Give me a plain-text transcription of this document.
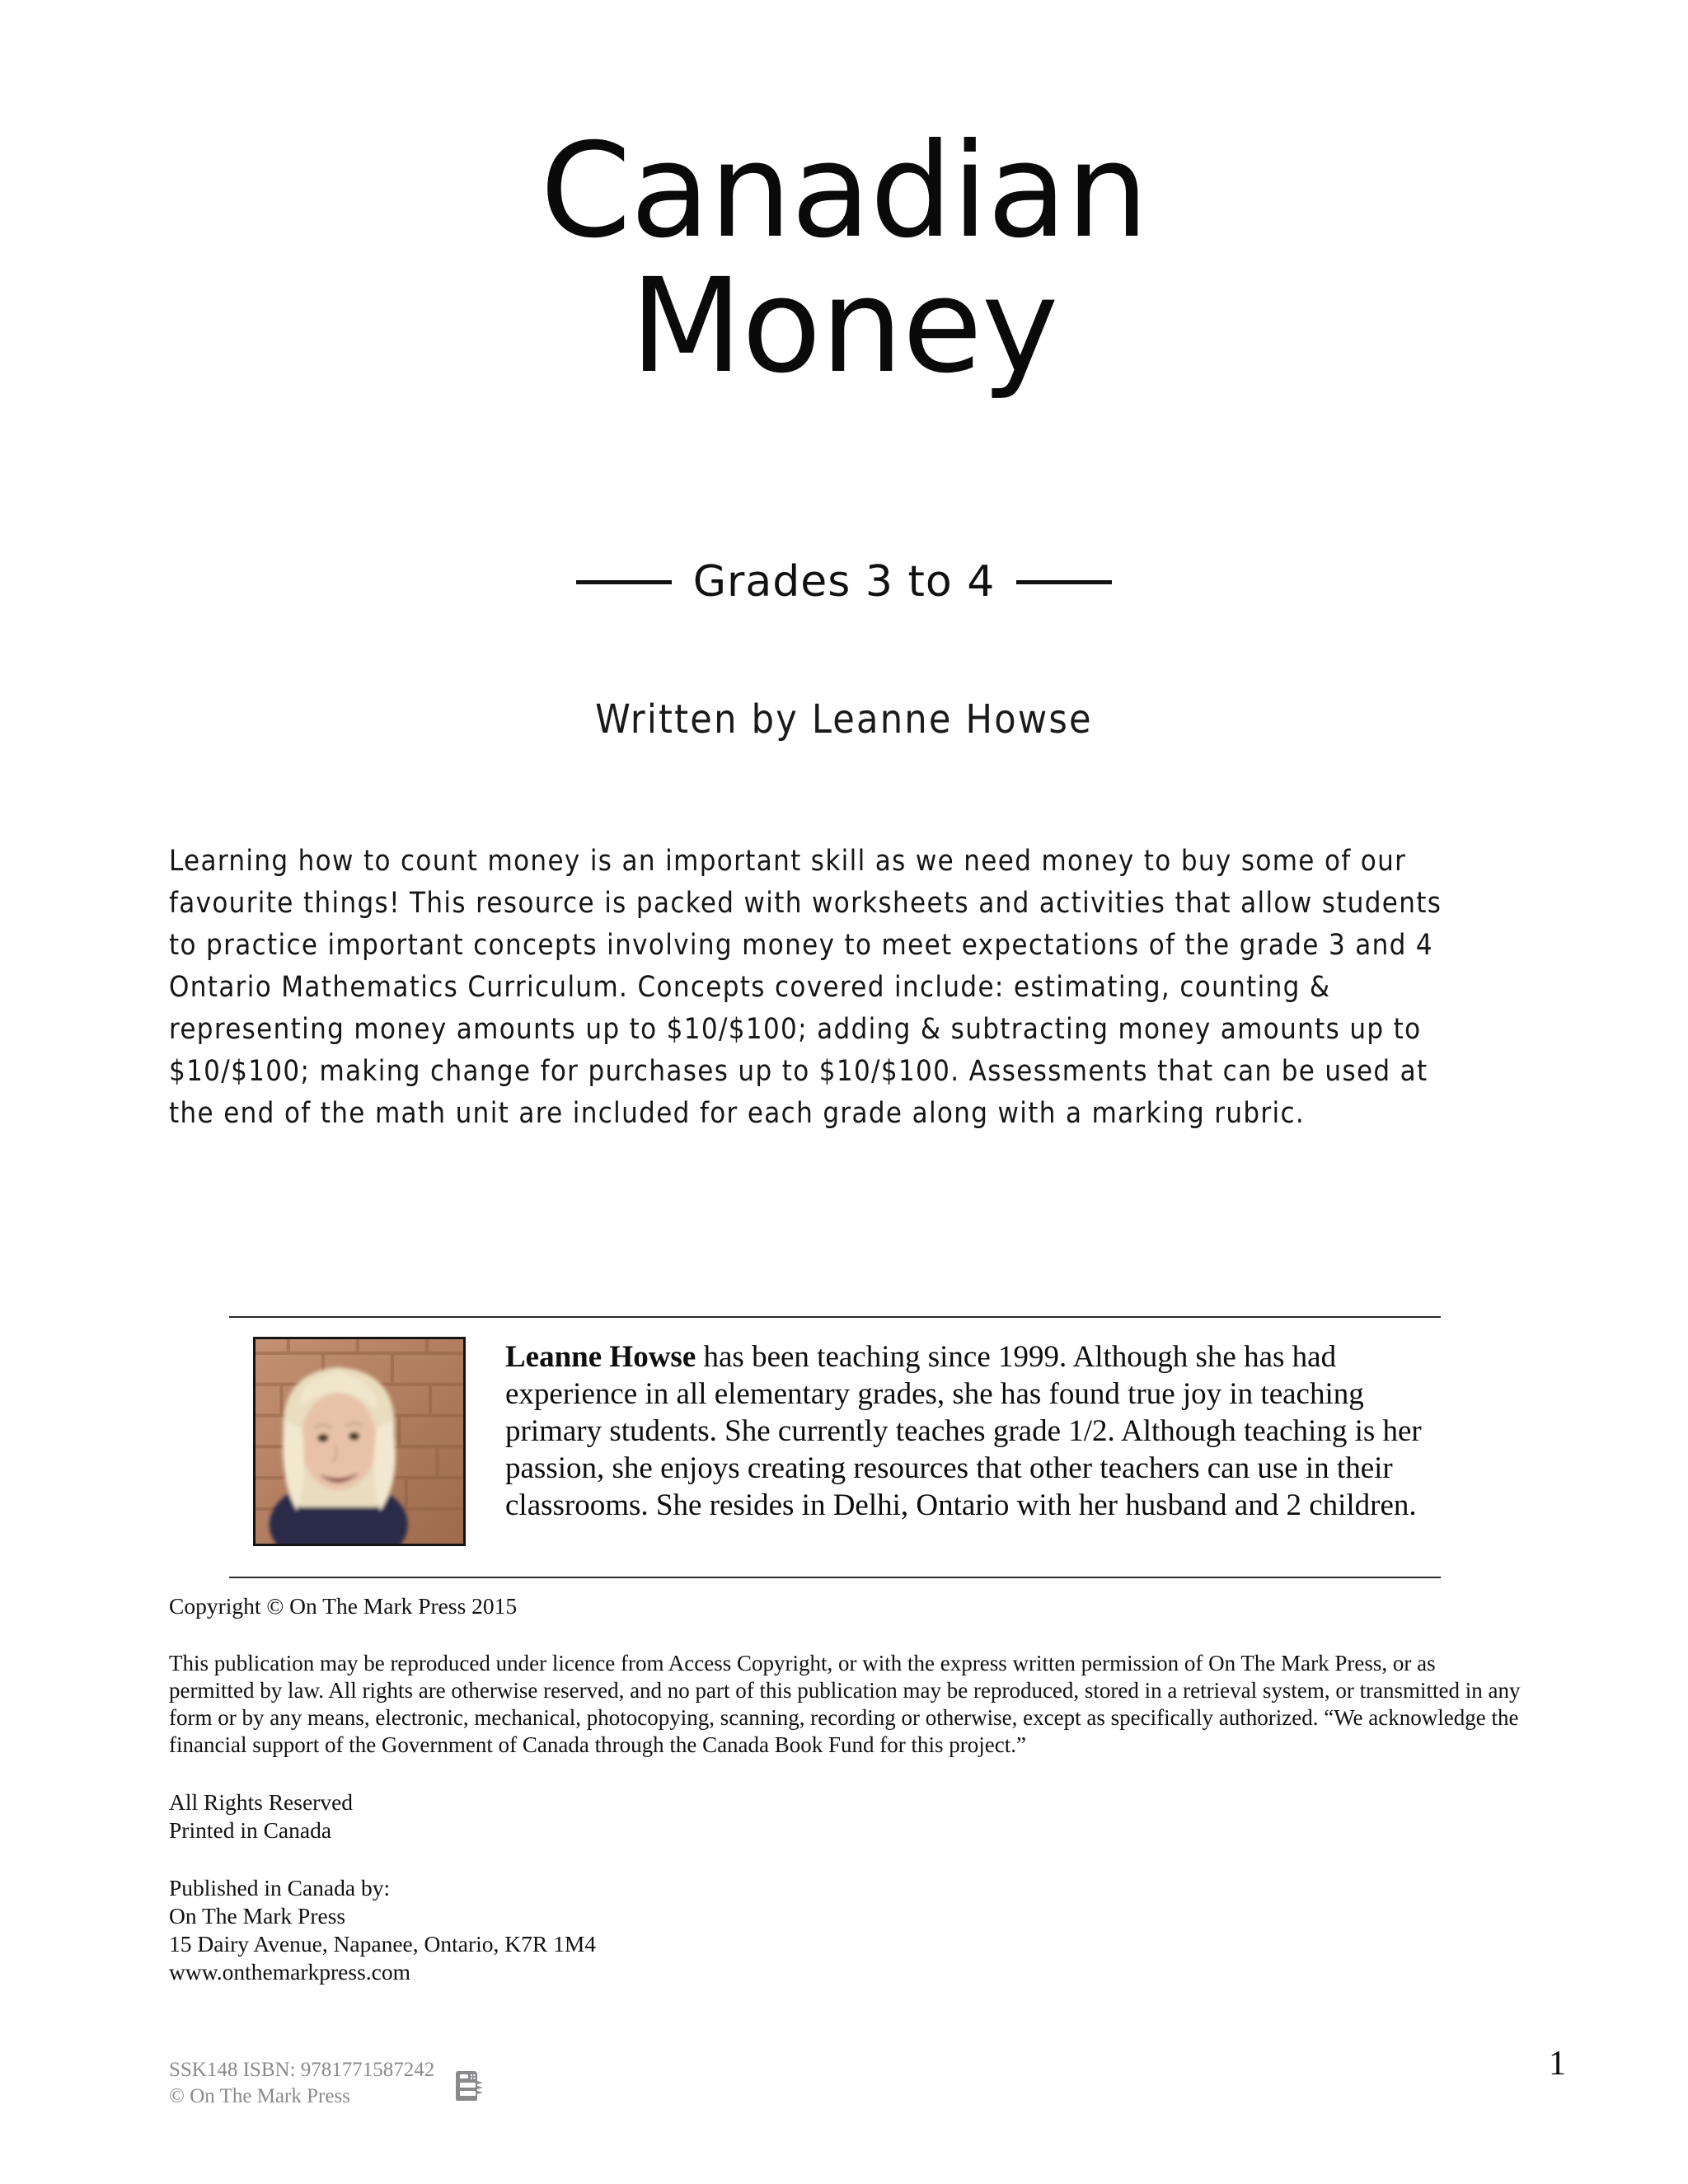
Canadian
Money
Grades 3 to 4
Written by Leanne Howse
Learning how to count money is an important skill as we need money to buy some of our favourite things! This resource is packed with worksheets and activities that allow students to practice important concepts involving money to meet expectations of the grade 3 and 4 Ontario Mathematics Curriculum. Concepts covered include: estimating, counting & representing money amounts up to $10/$100; adding & subtracting money amounts up to $10/$100; making change for purchases up to $10/$100. Assessments that can be used at the end of the math unit are included for each grade along with a marking rubric.
Leanne Howse has been teaching since 1999. Although she has had experience in all elementary grades, she has found true joy in teaching primary students. She currently teaches grade 1/2. Although teaching is her passion, she enjoys creating resources that other teachers can use in their classrooms. She resides in Delhi, Ontario with her husband and 2 children.
Copyright © On The Mark Press 2015
This publication may be reproduced under licence from Access Copyright, or with the express written permission of On The Mark Press, or as permitted by law. All rights are otherwise reserved, and no part of this publication may be reproduced, stored in a retrieval system, or transmitted in any form or by any means, electronic, mechanical, photocopying, scanning, recording or otherwise, except as specifically authorized. “We acknowledge the financial support of the Government of Canada through the Canada Book Fund for this project.”
All Rights Reserved
Printed in Canada
Published in Canada by:
On The Mark Press
15 Dairy Avenue, Napanee, Ontario, K7R 1M4
www.onthemarkpress.com
SSK148 ISBN: 9781771587242
© On The Mark Press
1
